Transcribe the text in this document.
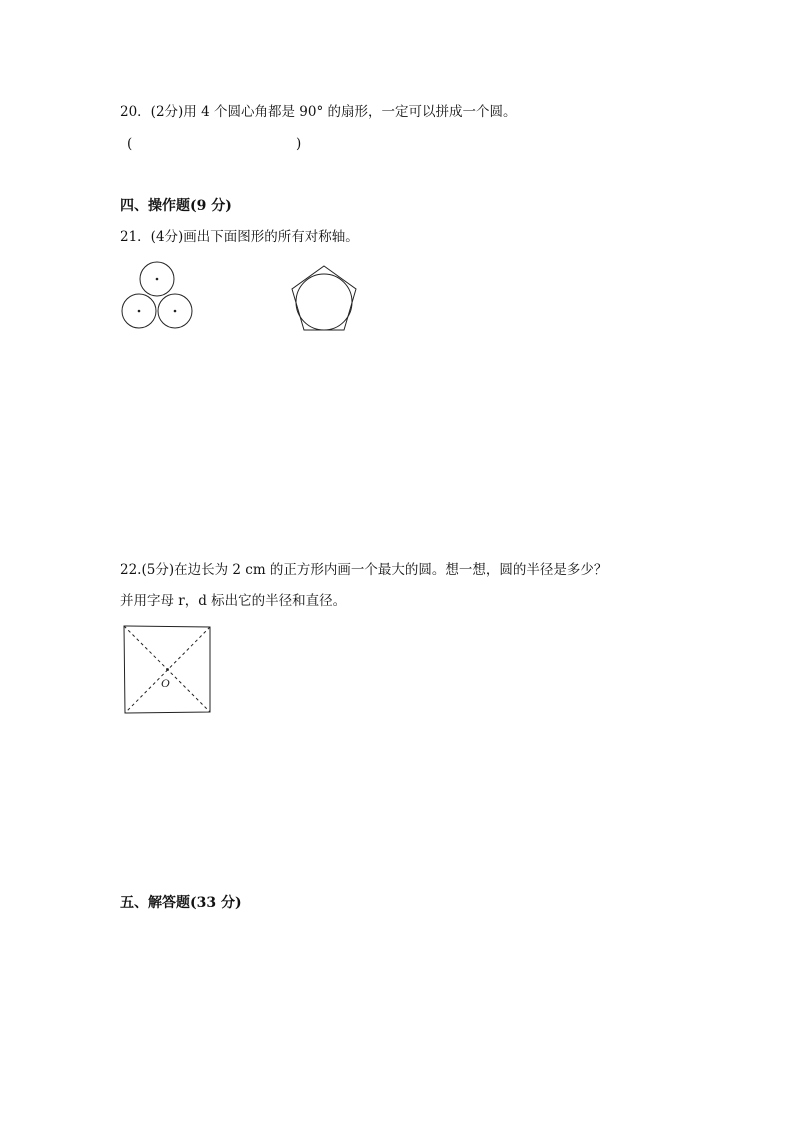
20．(2分)用 4 个圆心角都是 90° 的扇形，一定可以拼成一个圆。
(	)
四、操作题(9 分)
21．(4分)画出下面图形的所有对称轴。
22.(5分)在边长为 2 cm 的正方形内画一个最大的圆。想一想，圆的半径是多少？
并用字母 r，d 标出它的半径和直径。
O
五、解答题(33 分)
